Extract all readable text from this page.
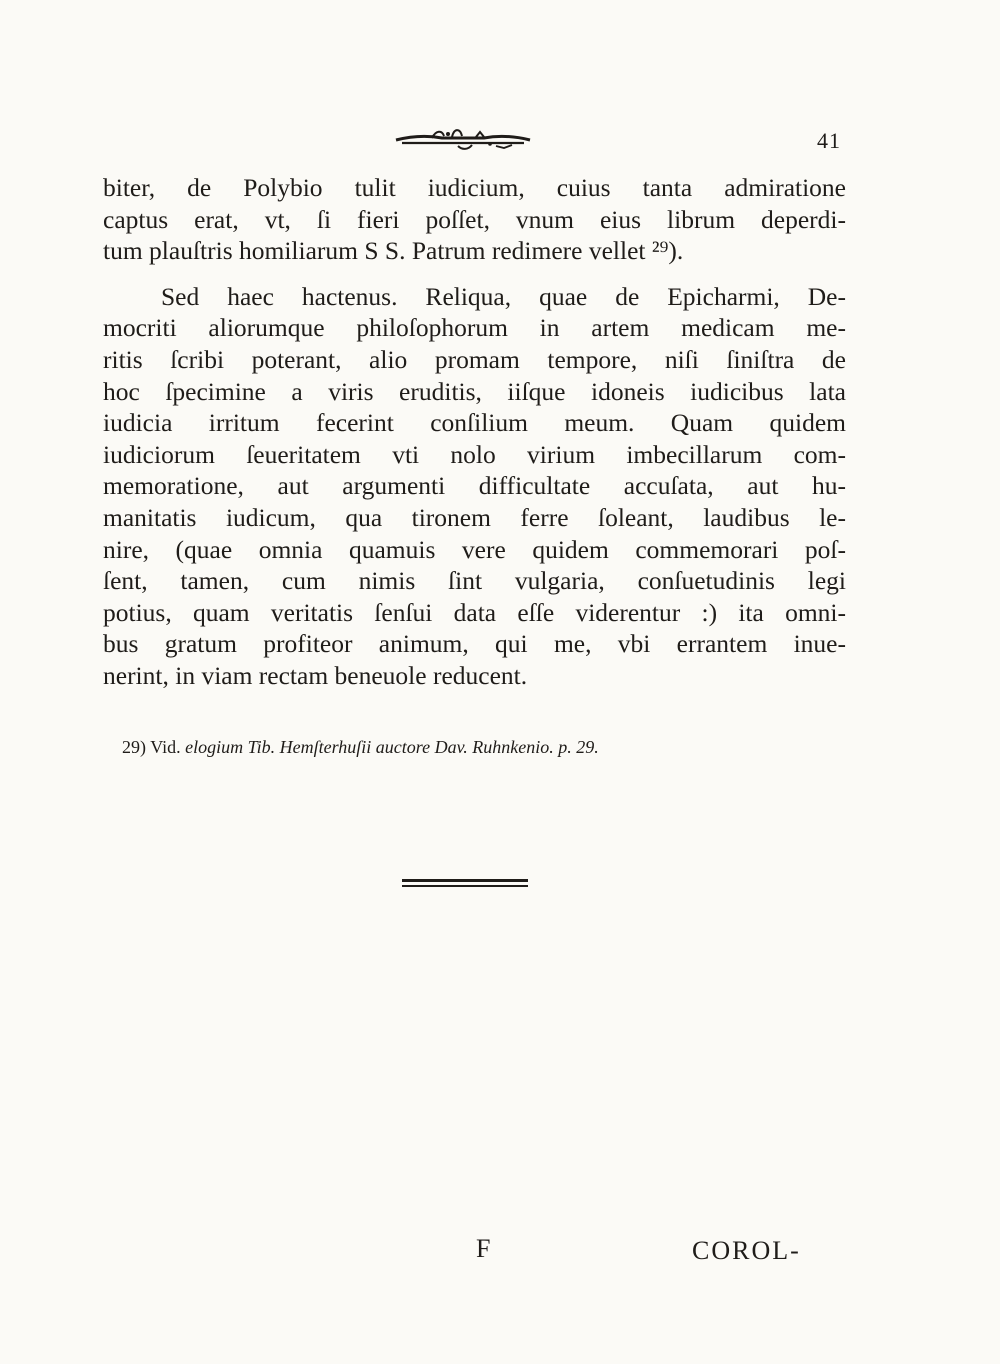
41
biter, de Polybio tulit iudicium, cuius tanta admiratione
captus erat, vt, ſi fieri poſſet, vnum eius librum deperdi-
tum plauſtris homiliarum S S. Patrum redimere vellet ²⁹).
Sed haec hactenus. Reliqua, quae de Epicharmi, De-
mocriti aliorumque philoſophorum in artem medicam me-
ritis ſcribi poterant, alio promam tempore, niſi ſiniſtra de
hoc ſpecimine a viris eruditis, iiſque idoneis iudicibus lata
iudicia irritum fecerint conſilium meum. Quam quidem
iudiciorum ſeueritatem vti nolo virium imbecillarum com-
memoratione, aut argumenti difficultate accuſata, aut hu-
manitatis iudicum, qua tironem ferre ſoleant, laudibus le-
nire, (quae omnia quamuis vere quidem commemorari poſ-
ſent, tamen, cum nimis ſint vulgaria, conſuetudinis legi
potius, quam veritatis ſenſui data eſſe viderentur :) ita omni-
bus gratum profiteor animum, qui me, vbi errantem inue-
nerint, in viam rectam beneuole reducent.
29) Vid. elogium Tib. Hemſterhuſii auctore Dav. Ruhnkenio. p. 29.
F	COROL-
